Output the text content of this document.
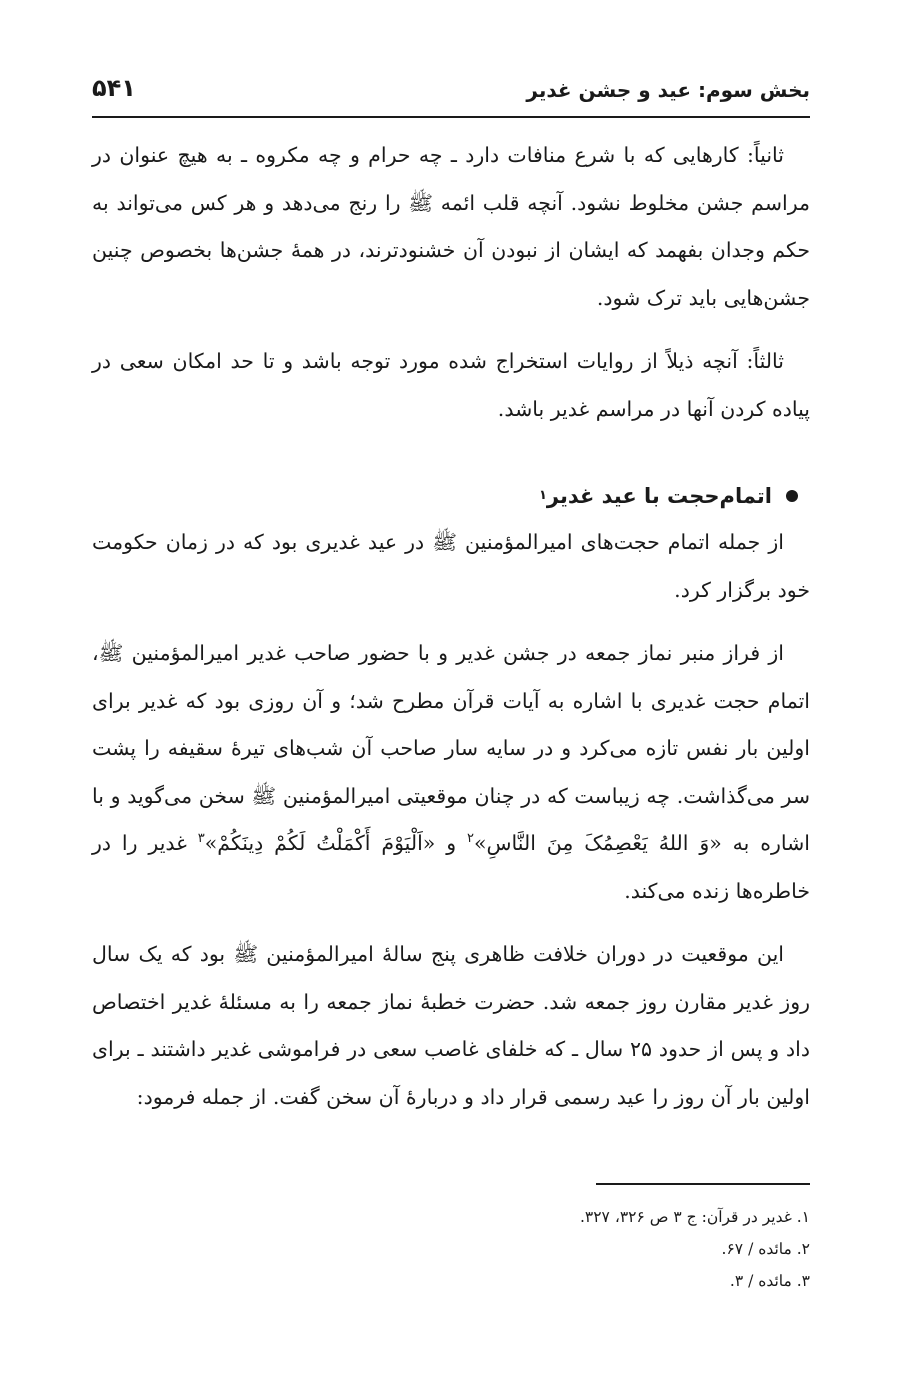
بخش سوم: عید و جشن غدیر
۵۴۱

ثانیاً: کارهایی که با شرع منافات دارد ـ چه حرام و چه مکروه ـ به هیچ عنوان در مراسم جشن مخلوط نشود. آنچه قلب ائمه ﷺ را رنج می‌دهد و هر کس می‌تواند به حکم وجدان بفهمد که ایشان از نبودن آن خشنودترند، در همهٔ جشن‌ها بخصوص چنین جشن‌هایی باید ترک شود.

ثالثاً: آنچه ذیلاً از روایات استخراج شده مورد توجه باشد و تا حد امکان سعی در پیاده کردن آنها در مراسم غدیر باشد.

اتمام‌حجت با عید غدیر
۱

از جمله اتمام حجت‌های امیرالمؤمنین ﷺ در عید غدیری بود که در زمان حکومت خود برگزار کرد.

از فراز منبر نماز جمعه در جشن غدیر و با حضور صاحب غدیر امیرالمؤمنین ﷺ، اتمام حجت غدیری با اشاره به آیات قرآن مطرح شد؛ و آن روزی بود که غدیر برای اولین بار نفس تازه می‌کرد و در سایه سار صاحب آن شب‌های تیرهٔ سقیفه را پشت سر می‌گذاشت. چه زیباست که در چنان موقعیتی امیرالمؤمنین ﷺ سخن می‌گوید و با اشاره به «وَ اللهُ یَعْصِمُکَ مِنَ النَّاسِ»$^۲$ و «اَلْیَوْمَ أَکْمَلْتُ لَکُمْ دِینَکُمْ»$^۳$ غدیر را در خاطره‌ها زنده می‌کند.

این موقعیت در دوران خلافت ظاهری پنج سالهٔ امیرالمؤمنین ﷺ بود که یک سال روز غدیر مقارن روز جمعه شد. حضرت خطبهٔ نماز جمعه را به مسئلهٔ غدیر اختصاص داد و پس از حدود ۲۵ سال ـ که خلفای غاصب سعی در فراموشی غدیر داشتند ـ برای اولین بار آن روز را عید رسمی قرار داد و دربارهٔ آن سخن گفت. از جمله فرمود:

۱. غدیر در قرآن: ج ۳ ص ۳۲۶، ۳۲۷.
۲. مائده / ۶۷.
۳. مائده / ۳.
